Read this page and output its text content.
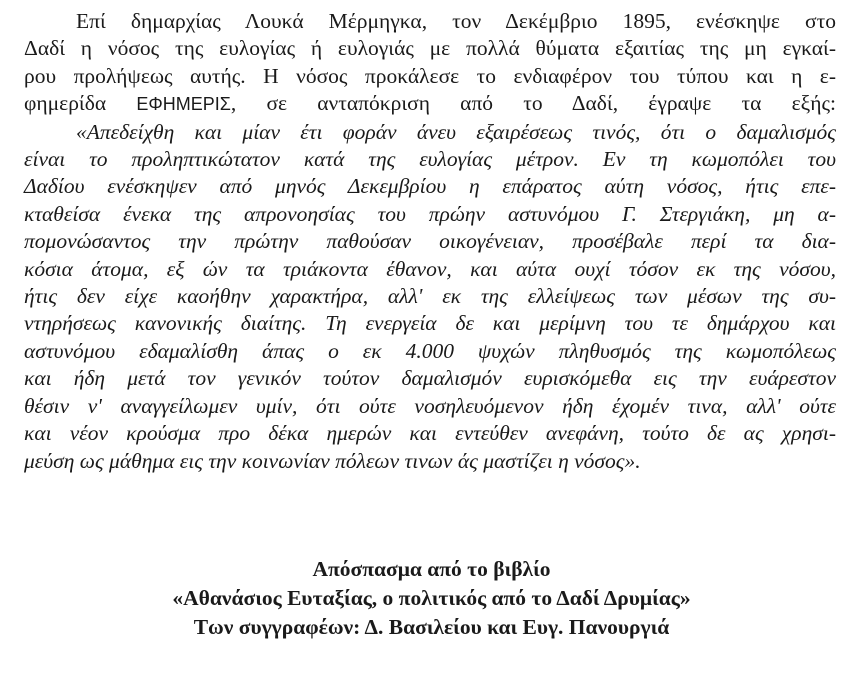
Επί δημαρχίας Λουκά Μέρμηγκα, τον Δεκέμβριο 1895, ενέσκηψε στο
Δαδί η νόσος της ευλογίας ή ευλογιάς με πολλά θύματα εξαιτίας της μη εγκαί-
ρου προλήψεως αυτής. Η νόσος προκάλεσε το ενδιαφέρον του τύπου και η ε-
φημερίδα ΕΦΗΜΕΡΙΣ, σε ανταπόκριση από το Δαδί, έγραψε τα εξής:
«Απεδείχθη και μίαν έτι φοράν άνευ εξαιρέσεως τινός, ότι ο δαμαλισμός
είναι το προληπτικώτατον κατά της ευλογίας μέτρον. Εν τη κωμοπόλει του
Δαδίου ενέσκηψεν από μηνός Δεκεμβρίου η επάρατος αύτη νόσος, ήτις επε-
κταθείσα ένεκα της απρονοησίας του πρώην αστυνόμου Γ. Στεργιάκη, μη α-
πομονώσαντος την πρώτην παθούσαν οικογένειαν, προσέβαλε περί τα δια-
κόσια άτομα, εξ ών τα τριάκοντα έθανον, και αύτα ουχί τόσον εκ της νόσου,
ήτις δεν είχε καοήθην χαρακτήρα, αλλ' εκ της ελλείψεως των μέσων της συ-
ντηρήσεως κανονικής διαίτης. Τη ενεργεία δε και μερίμνη του τε δημάρχου και
αστυνόμου εδαμαλίσθη άπας ο εκ 4.000 ψυχών πληθυσμός της κωμοπόλεως
και ήδη μετά τον γενικόν τούτον δαμαλισμόν ευρισκόμεθα εις την ευάρεστον
θέσιν ν' αναγγείλωμεν υμίν, ότι ούτε νοσηλευόμενον ήδη έχομέν τινα, αλλ' ούτε
και νέον κρούσμα προ δέκα ημερών και εντεύθεν ανεφάνη, τούτο δε ας χρησι-
μεύση ως μάθημα εις την κοινωνίαν πόλεων τινων άς μαστίζει η νόσος».
Απόσπασμα από το βιβλίο
«Αθανάσιος Ευταξίας, ο πολιτικός από το Δαδί Δρυμίας»
Των συγγραφέων: Δ. Βασιλείου και Ευγ. Πανουργιά
